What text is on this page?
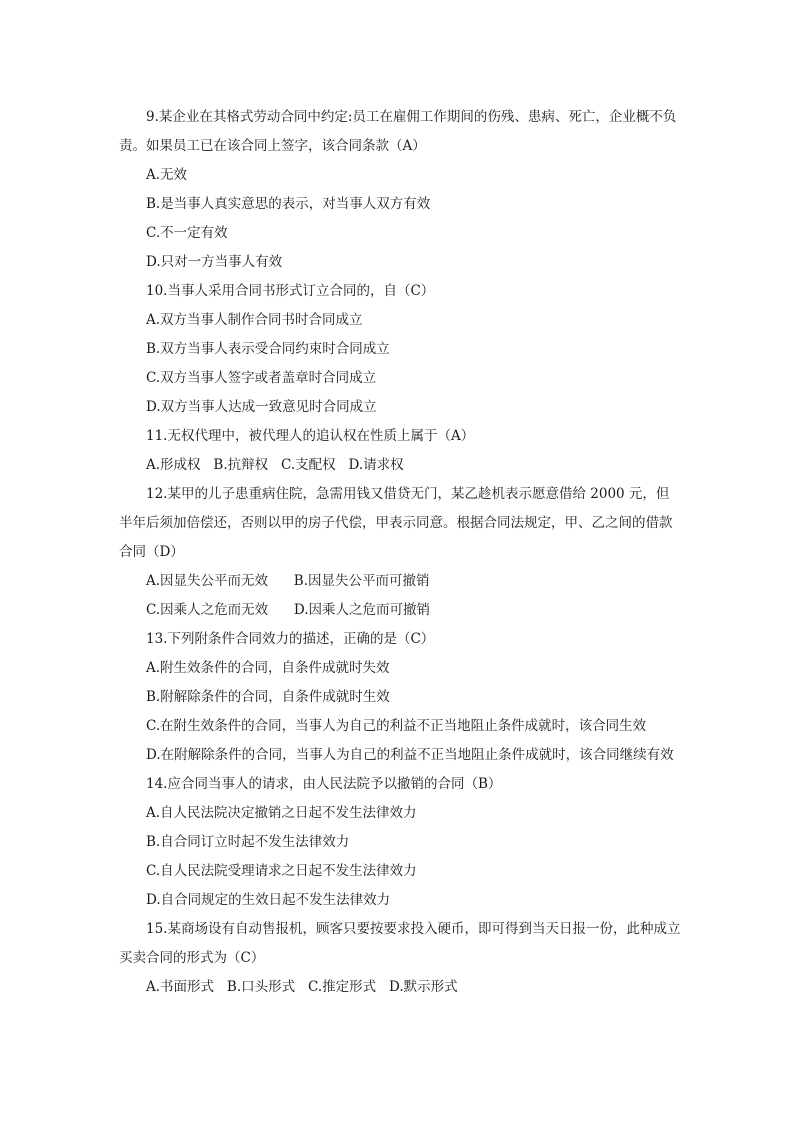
9.某企业在其格式劳动合同中约定:员工在雇佣工作期间的伤残、患病、死亡，企业概不负责。如果员工已在该合同上签字，该合同条款（A）
A.无效
B.是当事人真实意思的表示，对当事人双方有效
C.不一定有效
D.只对一方当事人有效
10.当事人采用合同书形式订立合同的，自（C）
A.双方当事人制作合同书时合同成立
B.双方当事人表示受合同约束时合同成立
C.双方当事人签字或者盖章时合同成立
D.双方当事人达成一致意见时合同成立
11.无权代理中，被代理人的追认权在性质上属于（A）
A.形成权   B.抗辩权   C.支配权   D.请求权
12.某甲的儿子患重病住院，急需用钱又借贷无门，某乙趁机表示愿意借给 2000 元，但半年后须加倍偿还，否则以甲的房子代偿，甲表示同意。根据合同法规定，甲、乙之间的借款合同（D）
A.因显失公平而无效      B.因显失公平而可撤销
C.因乘人之危而无效      D.因乘人之危而可撤销
13.下列附条件合同效力的描述，正确的是（C）
A.附生效条件的合同，自条件成就时失效
B.附解除条件的合同，自条件成就时生效
C.在附生效条件的合同，当事人为自己的利益不正当地阻止条件成就时，该合同生效
D.在附解除条件的合同，当事人为自己的利益不正当地阻止条件成就时，该合同继续有效
14.应合同当事人的请求，由人民法院予以撤销的合同（B）
A.自人民法院决定撤销之日起不发生法律效力
B.自合同订立时起不发生法律效力
C.自人民法院受理请求之日起不发生法律效力
D.自合同规定的生效日起不发生法律效力
15.某商场设有自动售报机，顾客只要按要求投入硬币，即可得到当天日报一份，此种成立买卖合同的形式为（C）
A.书面形式   B.口头形式   C.推定形式   D.默示形式
